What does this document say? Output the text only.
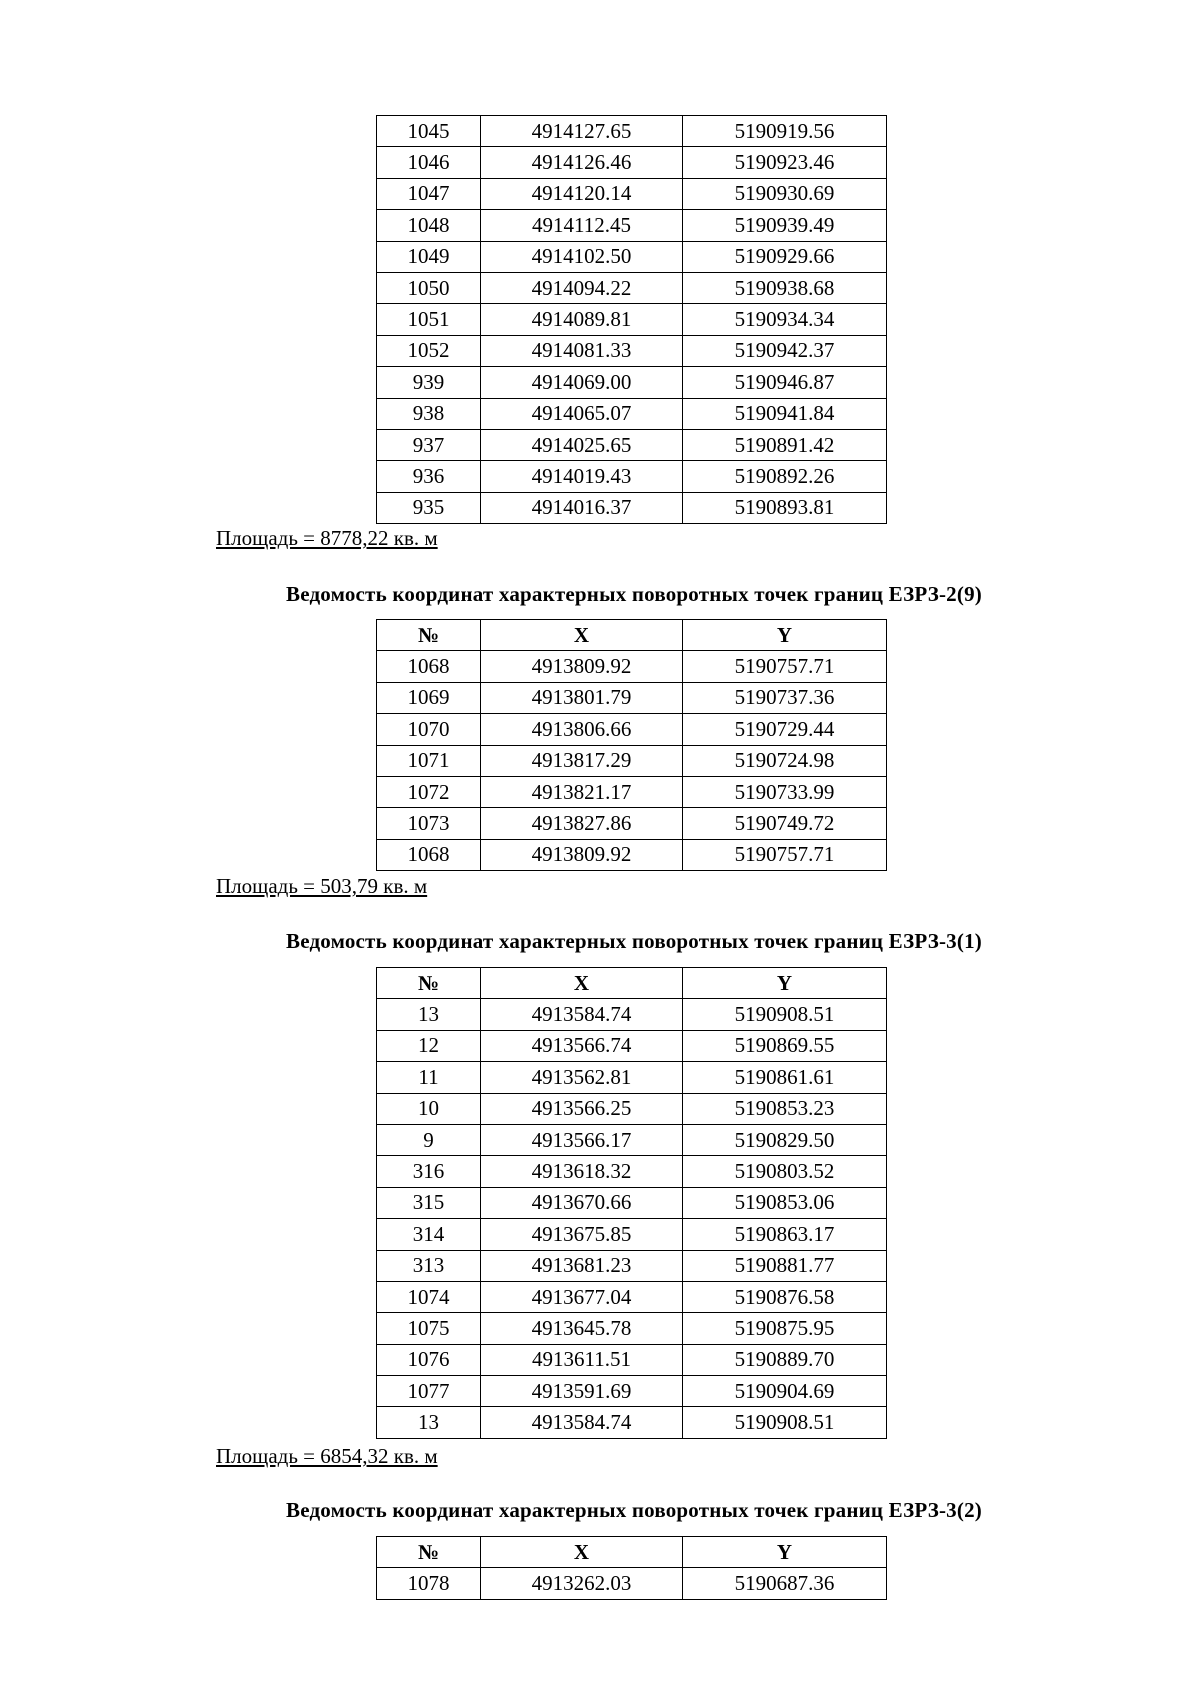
1045	4914127.65	5190919.56
1046	4914126.46	5190923.46
1047	4914120.14	5190930.69
1048	4914112.45	5190939.49
1049	4914102.50	5190929.66
1050	4914094.22	5190938.68
1051	4914089.81	5190934.34
1052	4914081.33	5190942.37
939	4914069.00	5190946.87
938	4914065.07	5190941.84
937	4914025.65	5190891.42
936	4914019.43	5190892.26
935	4914016.37	5190893.81
Площадь = 8778,22 кв. м
Ведомость координат характерных поворотных точек границ ЕЗРЗ-2(9)
№	X	Y
1068	4913809.92	5190757.71
1069	4913801.79	5190737.36
1070	4913806.66	5190729.44
1071	4913817.29	5190724.98
1072	4913821.17	5190733.99
1073	4913827.86	5190749.72
1068	4913809.92	5190757.71
Площадь = 503,79 кв. м
Ведомость координат характерных поворотных точек границ ЕЗРЗ-3(1)
№	X	Y
13	4913584.74	5190908.51
12	4913566.74	5190869.55
11	4913562.81	5190861.61
10	4913566.25	5190853.23
9	4913566.17	5190829.50
316	4913618.32	5190803.52
315	4913670.66	5190853.06
314	4913675.85	5190863.17
313	4913681.23	5190881.77
1074	4913677.04	5190876.58
1075	4913645.78	5190875.95
1076	4913611.51	5190889.70
1077	4913591.69	5190904.69
13	4913584.74	5190908.51
Площадь = 6854,32 кв. м
Ведомость координат характерных поворотных точек границ ЕЗРЗ-3(2)
№	X	Y
1078	4913262.03	5190687.36
